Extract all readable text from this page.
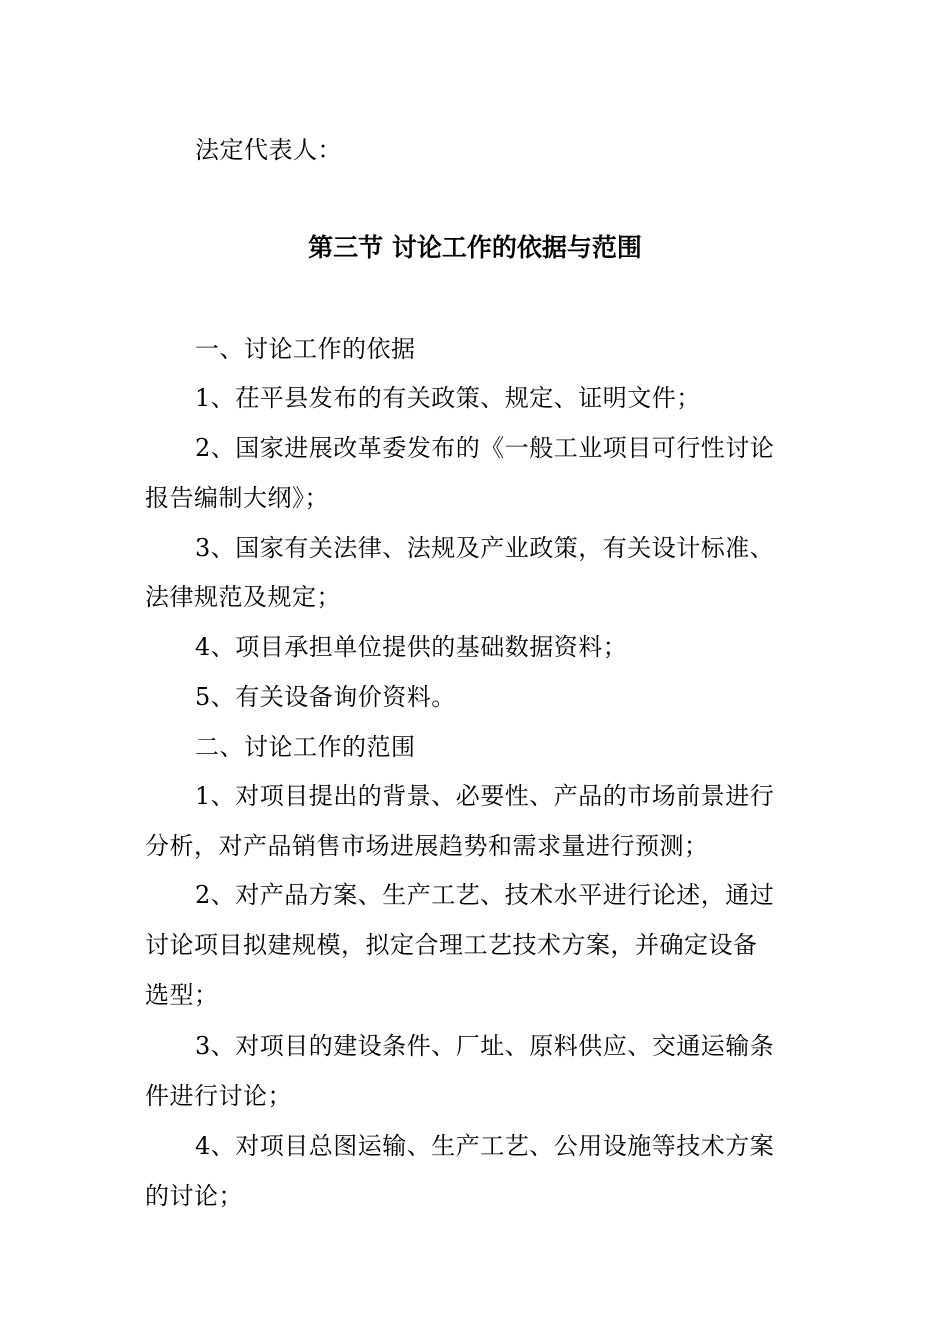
法定代表人：
第三节 讨论工作的依据与范围
一、讨论工作的依据
1、茌平县发布的有关政策、规定、证明文件；
2、国家进展改革委发布的《一般工业项目可行性讨论
报告编制大纲》；
3、国家有关法律、法规及产业政策，有关设计标准、
法律规范及规定；
4、项目承担单位提供的基础数据资料；
5、有关设备询价资料。
二、讨论工作的范围
1、对项目提出的背景、必要性、产品的市场前景进行
分析，对产品销售市场进展趋势和需求量进行预测；
2、对产品方案、生产工艺、技术水平进行论述，通过
讨论项目拟建规模，拟定合理工艺技术方案，并确定设备
选型；
3、对项目的建设条件、厂址、原料供应、交通运输条
件进行讨论；
4、对项目总图运输、生产工艺、公用设施等技术方案
的讨论；
